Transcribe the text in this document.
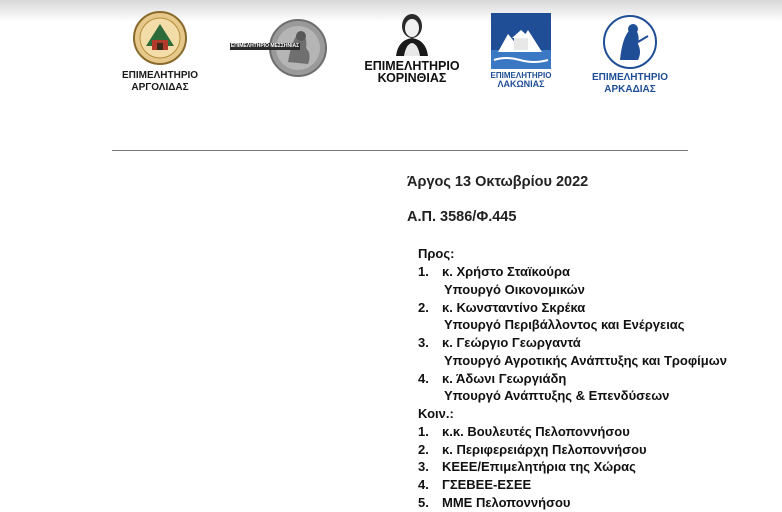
ΕΠΙΜΕΛΗΤΗΡΙΟ
ΑΡΓΟΛΙΔΑΣ
ΕΠΙΜΕΛΗΤΗΡΙΟ ΜΕΣΣΗΝΙΑΣ
ΕΠΙΜΕΛΗΤΗΡΙΟ
ΚΟΡΙΝΘΙΑΣ	ΕΠΙΜΕΛΗΤΗΡΙΟ
ΛΑΚΩΝΙΑΣ
ΕΠΙΜΕΛΗΤΗΡΙΟ
ΑΡΚΑΔΙΑΣ
Άργος 13 Οκτωβρίου 2022
Α.Π. 3586/Φ.445
Προς:
1. κ. Χρήστο Σταϊκούρα
Υπουργό Οικονομικών
2. κ. Κωνσταντίνο Σκρέκα
Υπουργό Περιβάλλοντος και Ενέργειας
3. κ. Γεώργιο Γεωργαντά
Υπουργό Αγροτικής Ανάπτυξης και Τροφίμων
4. κ. Άδωνι Γεωργιάδη
Υπουργό Ανάπτυξης & Επενδύσεων
Κοιν.:
1. κ.κ. Βουλευτές Πελοποννήσου
2. κ. Περιφερειάρχη Πελοποννήσου
3. ΚΕΕΕ/Επιμελητήρια της Χώρας
4. ΓΣΕΒΕΕ-ΕΣΕΕ
5. ΜΜΕ Πελοποννήσου
